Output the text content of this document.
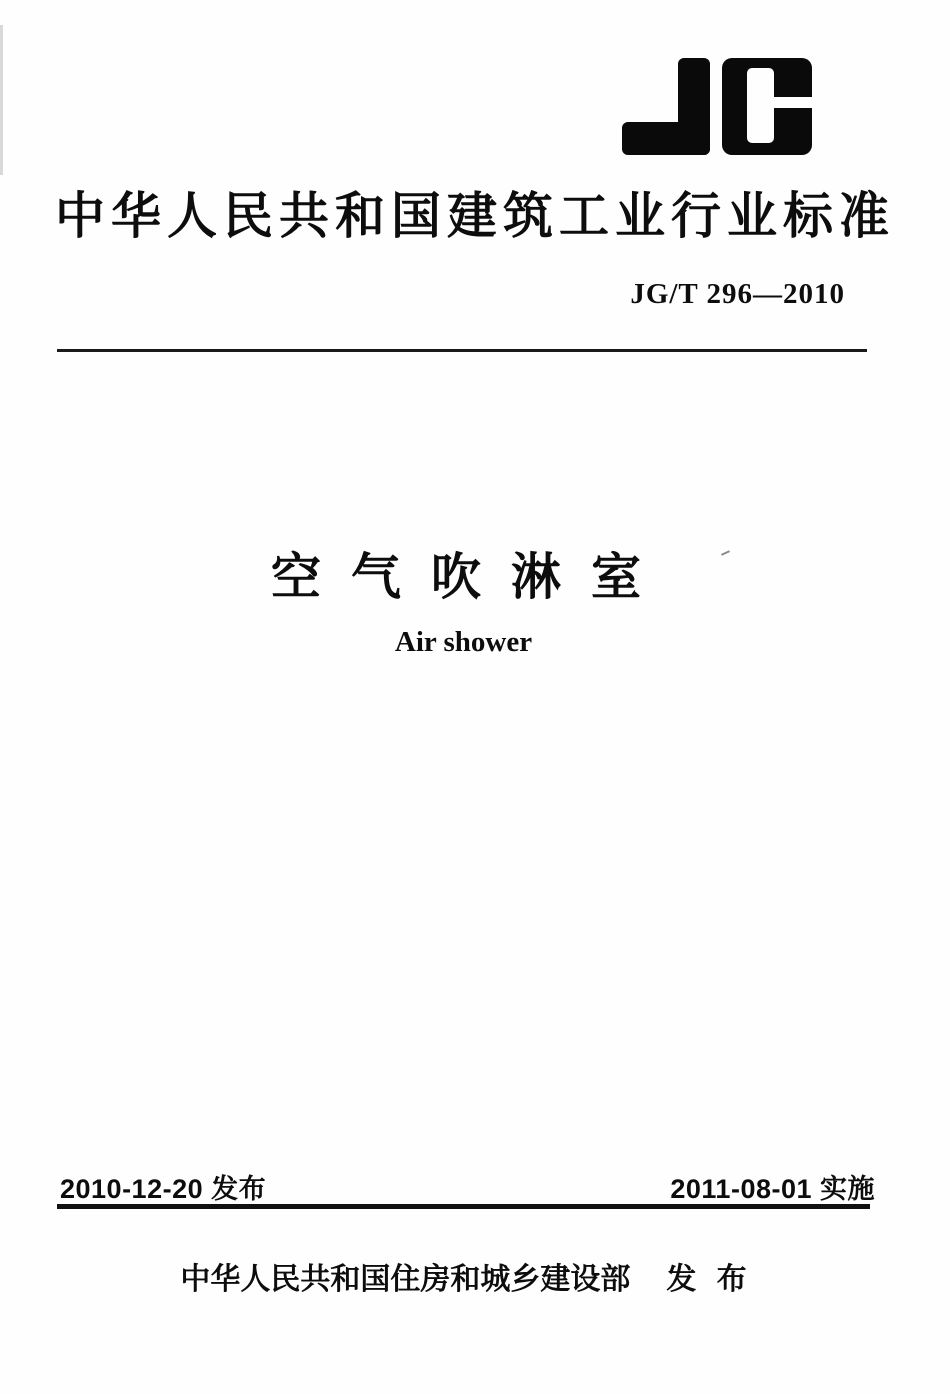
中华人民共和国建筑工业行业标准
JG/T 296—2010
空气吹淋室
Air shower
2010-12-20 发布	2011-08-01 实施
中华人民共和国住房和城乡建设部 发 布
